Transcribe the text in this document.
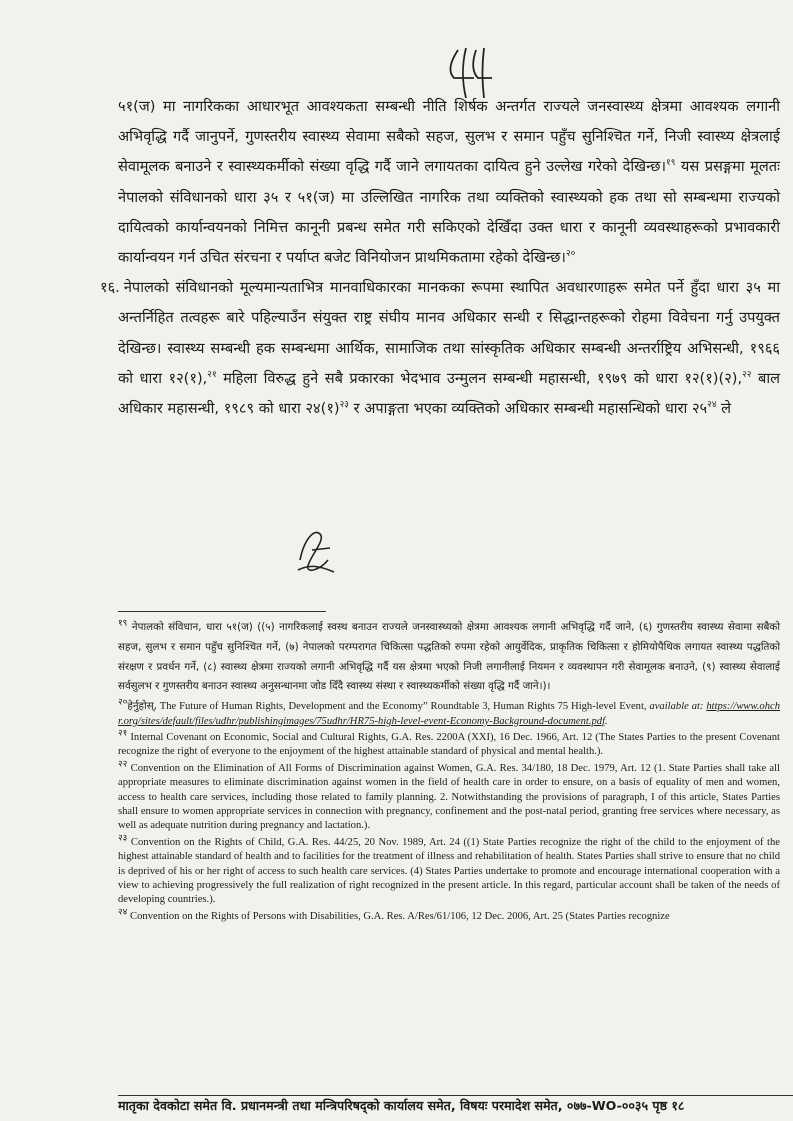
५१(ज) मा नागरिकका आधारभूत आवश्यकता सम्बन्धी नीति शिर्षक अन्तर्गत राज्यले जनस्वास्थ्य क्षेत्रमा आवश्यक लगानी अभिवृद्धि गर्दै जानुपर्ने, गुणस्तरीय स्वास्थ्य सेवामा सबैको सहज, सुलभ र समान पहुँच सुनिश्चित गर्ने, निजी स्वास्थ्य क्षेत्रलाई सेवामूलक बनाउने र स्वास्थ्यकर्मीको संख्या वृद्धि गर्दै जाने लगायतका दायित्व हुने उल्लेख गरेको देखिन्छ।$^{१९}$ यस प्रसङ्गमा मूलतः नेपालको संविधानको धारा ३५ र ५१(ज) मा उल्लिखित नागरिक तथा व्यक्तिको स्वास्थ्यको हक तथा सो सम्बन्धमा राज्यको दायित्वको कार्यान्वयनको निमित्त कानूनी प्रबन्ध समेत गरी सकिएको देखिँदा उक्त धारा र कानूनी व्यवस्थाहरूको प्रभावकारी कार्यान्वयन गर्न उचित संरचना र पर्याप्त बजेट विनियोजन प्राथमिकतामा रहेको देखिन्छ।$^{२०}$

१६. नेपालको संविधानको मूल्यमान्यताभित्र मानवाधिकारका मानकका रूपमा स्थापित अवधारणाहरू समेत पर्ने हुँदा धारा ३५ मा अन्तर्निहित तत्वहरू बारे पहिल्याउँन संयुक्त राष्ट्र संघीय मानव अधिकार सन्धी र सिद्धान्तहरूको रोहमा विवेचना गर्नु उपयुक्त देखिन्छ। स्वास्थ्य सम्बन्धी हक सम्बन्धमा आर्थिक, सामाजिक तथा सांस्कृतिक अधिकार सम्बन्धी अन्तर्राष्ट्रिय अभिसन्धी, १९६६ को धारा १२(१),$^{२१}$ महिला विरुद्ध हुने सबै प्रकारका भेदभाव उन्मुलन सम्बन्धी महासन्धी, १९७९ को धारा १२(१)(२),$^{२२}$ बाल अधिकार महासन्धी, १९८९ को धारा २४(१)$^{२३}$ र अपाङ्गता भएका व्यक्तिको अधिकार सम्बन्धी महासन्धिको धारा $२५^{२४}$ ले

$^{१९}$ नेपालको संविधान, धारा ५१(ज) ((५) नागरिकलाई स्वस्थ बनाउन राज्यले जनस्वास्थ्यको क्षेत्रमा आवश्यक लगानी अभिवृद्धि गर्दै जाने, (६) गुणस्तरीय स्वास्थ्य सेवामा सबैको सहज, सुलभ र समान पहुँच सुनिश्चित गर्ने, (७) नेपालको परम्परागत चिकित्सा पद्धतिको रुपमा रहेको आयुर्वेदिक, प्राकृतिक चिकित्सा र होमियोपैथिक लगायत स्वास्थ्य पद्धतिको संरक्षण र प्रवर्धन गर्ने, (८) स्वास्थ्य क्षेत्रमा राज्यको लगानी अभिवृद्धि गर्दै यस क्षेत्रमा भएको निजी लगानीलाई नियमन र व्यवस्थापन गरी सेवामूलक बनाउने, (९) स्वास्थ्य सेवालाई सर्वसुलभ र गुणस्तरीय बनाउन स्वास्थ्य अनुसन्धानमा जोड दिँदै स्वास्थ्य संस्था र स्वास्थ्यकर्मीको संख्या वृद्धि गर्दै जाने।)।

$^{२०}$हेर्नुहोस्, The Future of Human Rights, Development and the Economy” Roundtable 3, Human Rights 75 High-level Event, available at: https://www.ohchr.org/sites/default/files/udhr/publishingimages/75udhr/HR75-high-level-event-Economy-Background-document.pdf.

$^{२१}$ Internal Covenant on Economic, Social and Cultural Rights, G.A. Res. 2200A (XXI), 16 Dec. 1966, Art. 12 (The States Parties to the present Covenant recognize the right of everyone to the enjoyment of the highest attainable standard of physical and mental health.).

$^{२२}$ Convention on the Elimination of All Forms of Discrimination against Women, G.A. Res. 34/180, 18 Dec. 1979, Art. 12 (1. State Parties shall take all appropriate measures to eliminate discrimination against women in the field of health care in order to ensure, on a basis of equality of men and women, access to health care services, including those related to family planning. 2. Notwithstanding the provisions of paragraph, I of this article, States Parties shall ensure to women appropriate services in connection with pregnancy, confinement and the post-natal period, granting free services where necessary, as well as adequate nutrition during pregnancy and lactation.).

$^{२३}$ Convention on the Rights of Child, G.A. Res. 44/25, 20 Nov. 1989, Art. 24 ((1) State Parties recognize the right of the child to the enjoyment of the highest attainable standard of health and to facilities for the treatment of illness and rehabilitation of health. States Parties shall strive to ensure that no child is deprived of his or her right of access to such health care services. (4) States Parties undertake to promote and encourage international cooperation with a view to achieving progressively the full realization of right recognized in the present article. In this regard, particular account shall be taken of the needs of developing countries.).

$^{२४}$ Convention on the Rights of Persons with Disabilities, G.A. Res. A/Res/61/106, 12 Dec. 2006, Art. 25 (States Parties recognize

मातृका देवकोटा समेत वि. प्रधानमन्त्री तथा मन्त्रिपरिषद्को कार्यालय समेत, विषयः परमादेश समेत, ०७७-WO-००३५ पृष्ठ १८
